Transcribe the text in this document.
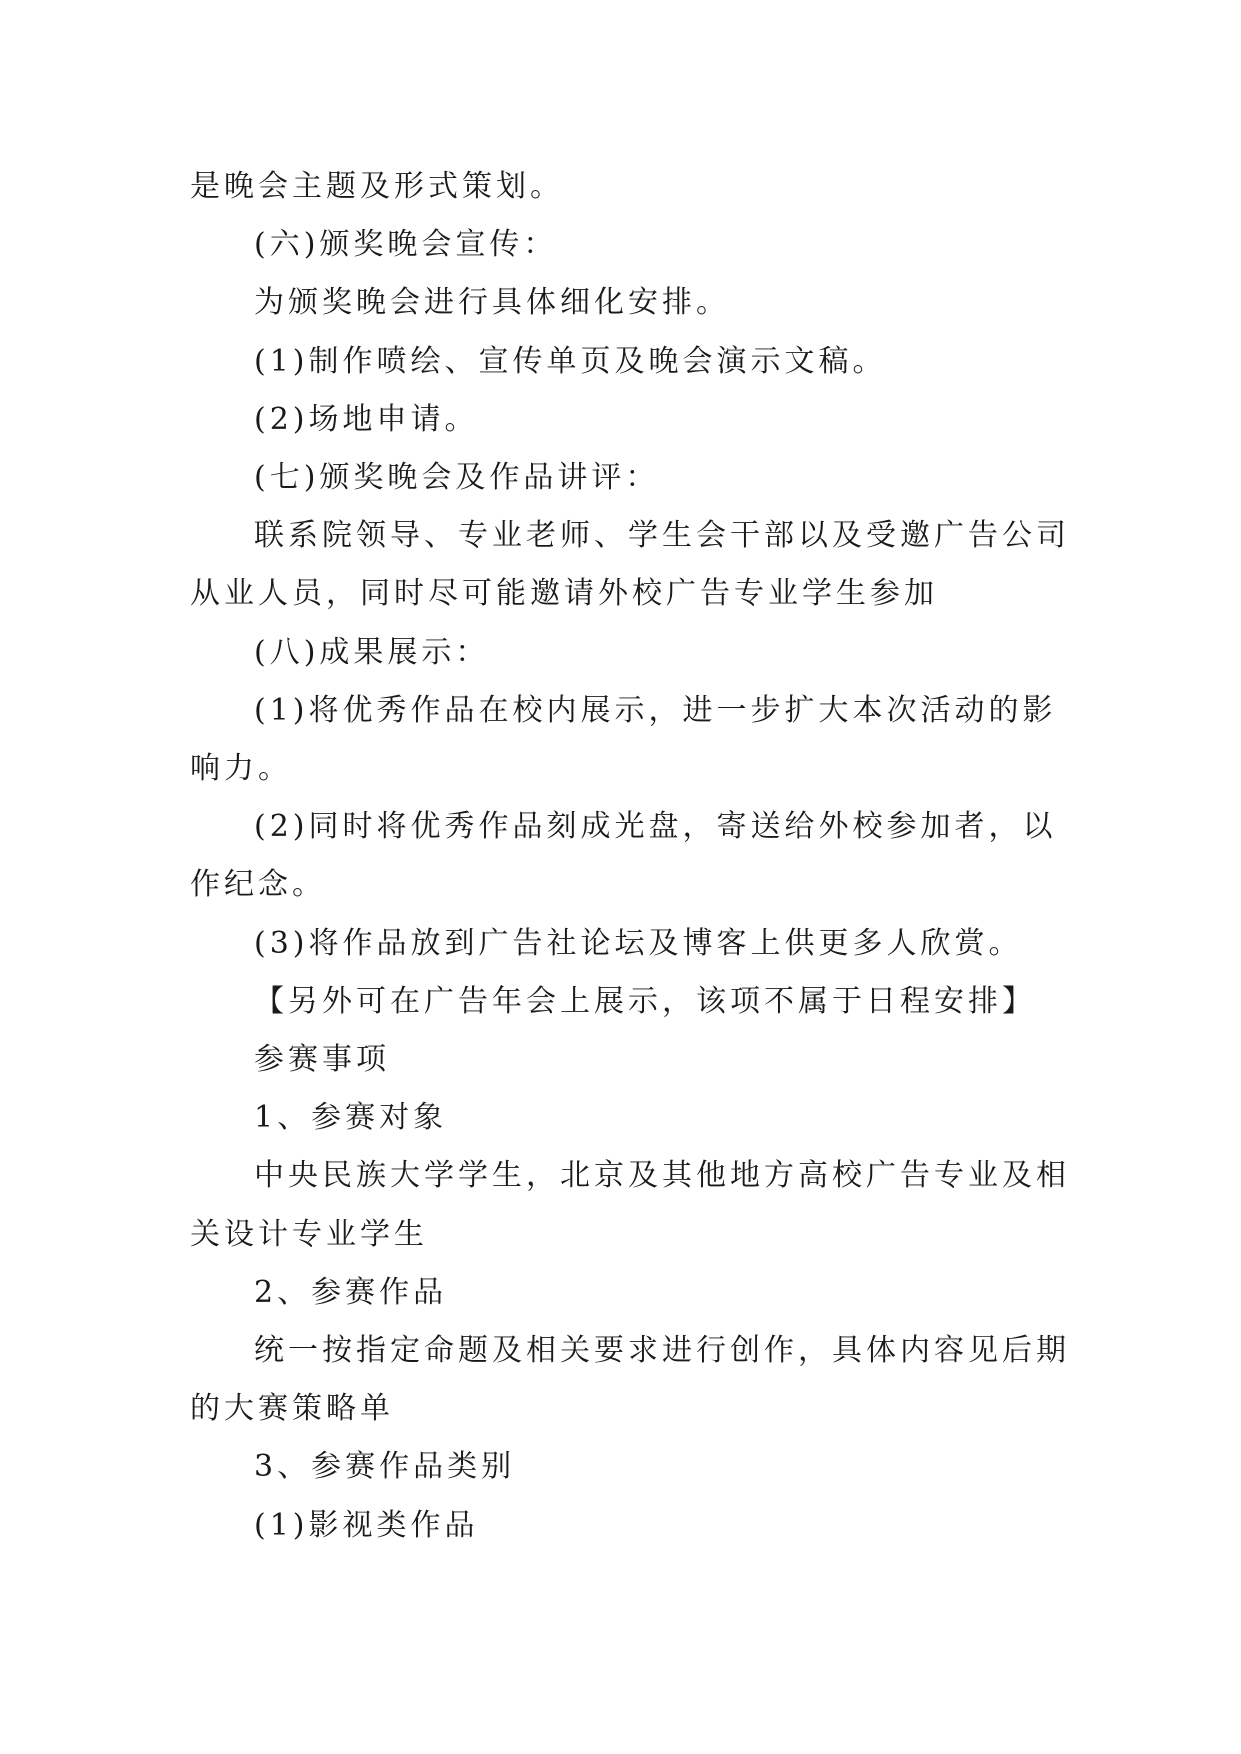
是晚会主题及形式策划。

(六)颁奖晚会宣传：

为颁奖晚会进行具体细化安排。

(1)制作喷绘、宣传单页及晚会演示文稿。

(2)场地申请。

(七)颁奖晚会及作品讲评：

联系院领导、专业老师、学生会干部以及受邀广告公司

从业人员，同时尽可能邀请外校广告专业学生参加

(八)成果展示：

(1)将优秀作品在校内展示，进一步扩大本次活动的影

响力。

(2)同时将优秀作品刻成光盘，寄送给外校参加者，以

作纪念。

(3)将作品放到广告社论坛及博客上供更多人欣赏。

【另外可在广告年会上展示，该项不属于日程安排】

参赛事项

1、参赛对象

中央民族大学学生，北京及其他地方高校广告专业及相

关设计专业学生

2、参赛作品

统一按指定命题及相关要求进行创作，具体内容见后期

的大赛策略单

3、参赛作品类别

(1)影视类作品
